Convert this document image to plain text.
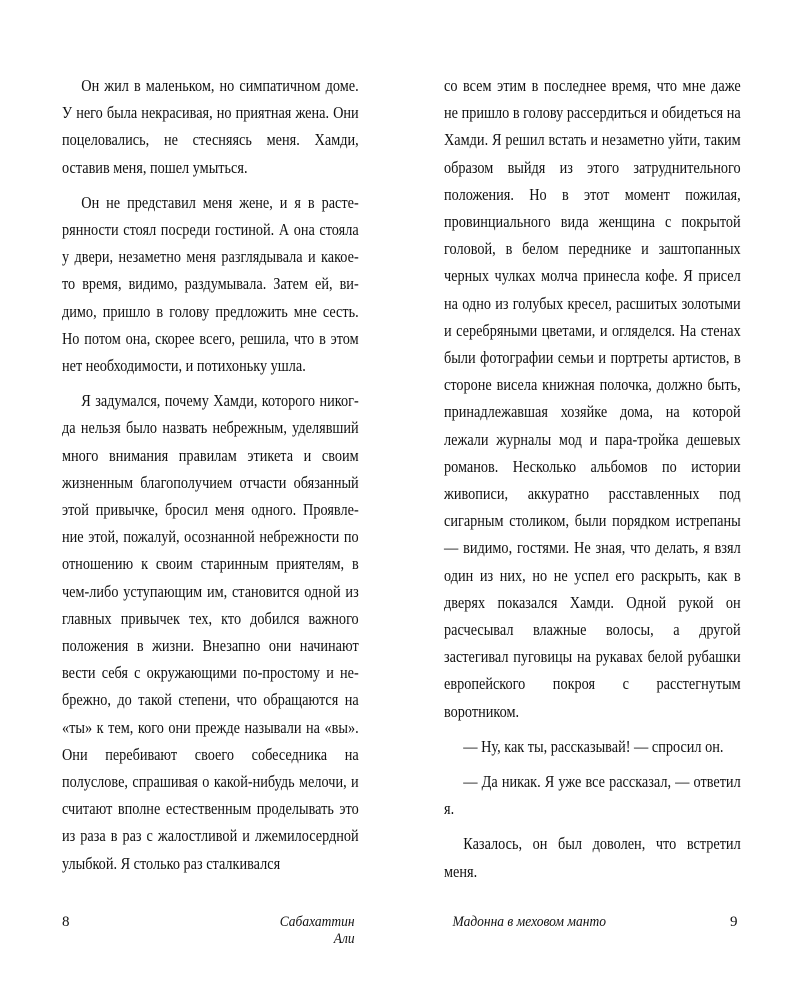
Он жил в маленьком, но симпатичном доме. У него была некрасивая, но приятная жена. Они поцеловались, не стесняясь меня. Хамди, оставив меня, пошел умыться.

Он не представил меня жене, и я в растерянности стоял посреди гостиной. А она стояла у двери, незаметно меня разглядывала и какое-то время, видимо, раздумывала. Затем ей, видимо, пришло в голову предложить мне сесть. Но потом она, скорее всего, решила, что в этом нет необходимости, и потихоньку ушла.

Я задумался, почему Хамди, которого никогда нельзя было назвать небрежным, уделявший много внимания правилам этикета и своим жизненным благополучием отчасти обязанный этой привычке, бросил меня одного. Проявление этой, пожалуй, осознанной небрежности по отношению к своим старинным приятелям, в чем-либо уступающим им, становится одной из главных привычек тех, кто добился важного положения в жизни. Внезапно они начинают вести себя с окружающими по-простому и небрежно, до такой степени, что обращаются на «ты» к тем, кого они прежде называли на «вы». Они перебивают своего собеседника на полуслове, спрашивая о какой-нибудь мелочи, и считают вполне естественным проделывать это из раза в раз с жалостливой и лжемилосердной улыбкой. Я столько раз сталкивался

со всем этим в последнее время, что мне даже не пришло в голову рассердиться и обидеться на Хамди. Я решил встать и незаметно уйти, таким образом выйдя из этого затруднительного положения. Но в этот момент пожилая, провинциального вида женщина с покрытой головой, в белом переднике и заштопанных черных чулках молча принесла кофе. Я присел на одно из голубых кресел, расшитых золотыми и серебряными цветами, и огляделся. На стенах были фотографии семьи и портреты артистов, в стороне висела книжная полочка, должно быть, принадлежавшая хозяйке дома, на которой лежали журналы мод и пара-тройка дешевых романов. Несколько альбомов по истории живописи, аккуратно расставленных под сигарным столиком, были порядком истрепаны — видимо, гостями. Не зная, что делать, я взял один из них, но не успел его раскрыть, как в дверях показался Хамди. Одной рукой он расчесывал влажные волосы, а другой застегивал пуговицы на рукавах белой рубашки европейского покроя с расстегнутым воротником.

— Ну, как ты, рассказывай! — спросил он.

— Да никак. Я уже все рассказал, — ответил я.

Казалось, он был доволен, что встретил меня.

8	Сабахаттин Али
Мадонна в меховом манто	9
